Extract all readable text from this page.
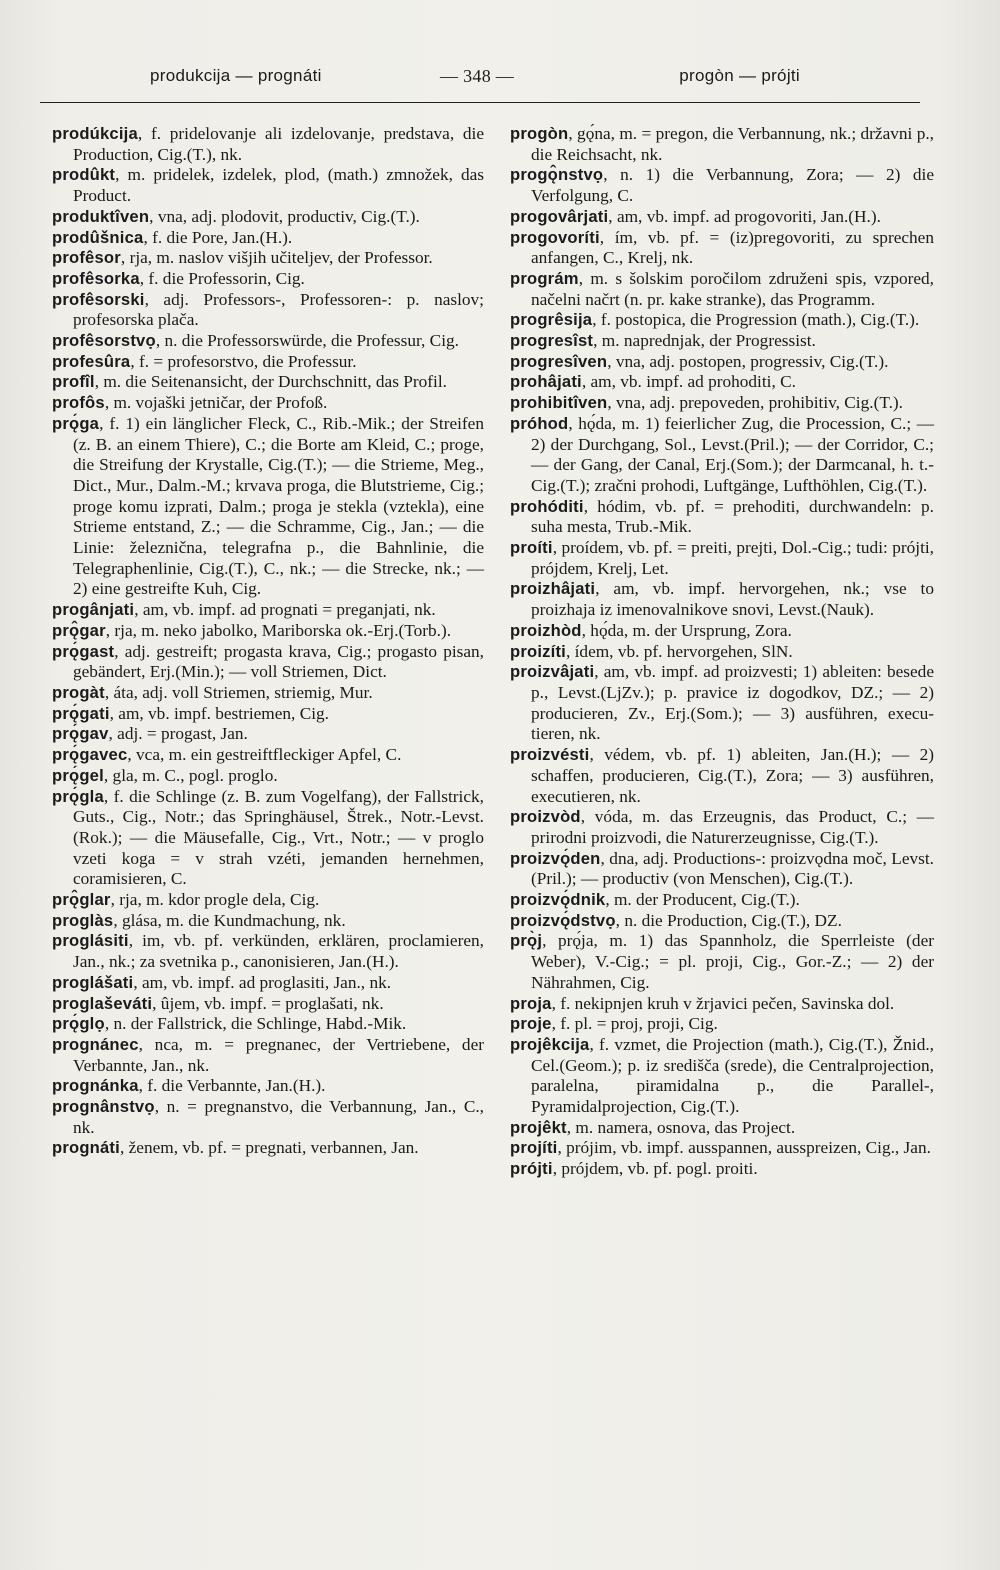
produkcija — prognáti	— 348 —	progòn — prójti

prodúkcija, f. pridelovanje ali izdelovanje, predstava, die Production, Cig.(T.), nk.

prodûkt, m. pridelek, izdelek, plod, (math.) zmnožek, das Product.

produktîven, vna, adj. plodovit, productiv, Cig.(T.).

prodûšnica, f. die Pore, Jan.(H.).

profêsor, rja, m. naslov višjih učiteljev, der Professor.

profêsorka, f. die Professorin, Cig.

profêsorski, adj. Professors-, Professoren-: p. naslov; profesorska plača.

profêsorstvọ, n. die Professorswürde, die Professur, Cig.

profesûra, f. = profesorstvo, die Professur.

profîl, m. die Seitenansicht, der Durchschnitt, das Profil.

profôs, m. vojaški jetničar, der Profoß.

prǫ́ga, f. 1) ein länglicher Fleck, C., Rib.-Mik.; der Streifen (z. B. an einem Thiere), C.; die Borte am Kleid, C.; proge, die Streifung der Krystalle, Cig.(T.); — die Strieme, Meg., Dict., Mur., Dalm.-M.; krvava proga, die Blutstrieme, Cig.; proge komu izprati, Dalm.; proga je stekla (vztekla), eine Strieme entstand, Z.; — die Schramme, Cig., Jan.; — die Linie: železnična, telegrafna p., die Bahnlinie, die Telegraphenlinie, Cig.(T.), C., nk.; — die Strecke, nk.; — 2) eine gestreifte Kuh, Cig.

progânjati, am, vb. impf. ad prognati = preganjati, nk.

prǫ̂gar, rja, m. neko jabolko, Mariborska ok.-Erj.(Torb.).

prǫ́gast, adj. gestreift; progasta krava, Cig.; progasto pisan, gebändert, Erj.(Min.); — voll Striemen, Dict.

progàt, áta, adj. voll Striemen, striemig, Mur.

prǫ́gati, am, vb. impf. bestriemen, Cig.

prǫ́gav, adj. = progast, Jan.

prǫ́gavec, vca, m. ein gestreiftfleckiger Apfel, C.

prǫ́gel, gla, m. C., pogl. proglo.

prǫ́gla, f. die Schlinge (z. B. zum Vogelfang), der Fallstrick, Guts., Cig., Notr.; das Springhäusel, Štrek., Notr.-Levst.(Rok.); — die Mäusefalle, Cig., Vrt., Notr.; — v proglo vzeti koga = v strah vzéti, jemanden hernehmen, coramisieren, C.

prǫ̂glar, rja, m. kdor progle dela, Cig.

proglàs, glása, m. die Kundmachung, nk.

proglásiti, im, vb. pf. verkünden, erklären, proclamieren, Jan., nk.; za svetnika p., canonisieren, Jan.(H.).

proglášati, am, vb. impf. ad proglasiti, Jan., nk.

proglaševáti, ûjem, vb. impf. = proglašati, nk.

prǫ́glọ, n. der Fallstrick, die Schlinge, Habd.-Mik.

prognánec, nca, m. = pregnanec, der Vertriebene, der Verbannte, Jan., nk.

prognánka, f. die Verbannte, Jan.(H.).

prognânstvọ, n. = pregnanstvo, die Verbannung, Jan., C., nk.

prognáti, ženem, vb. pf. = pregnati, verbannen, Jan.

progòn, gǫ́na, m. = pregon, die Verbannung, nk.; državni p., die Reichsacht, nk.

progǫ̂nstvọ, n. 1) die Verbannung, Zora; — 2) die Verfolgung, C.

progovârjati, am, vb. impf. ad progovoriti, Jan.(H.).

progovoríti, ím, vb. pf. = (iz)pregovoriti, zu sprechen anfangen, C., Krelj, nk.

prográm, m. s šolskim poročilom združeni spis, vzpored, načelni načrt (n. pr. kake stranke), das Programm.

progrêsija, f. postopica, die Progression (math.), Cig.(T.).

progresîst, m. naprednjak, der Progressist.

progresîven, vna, adj. postopen, progressiv, Cig.(T.).

prohâjati, am, vb. impf. ad prohoditi, C.

prohibitîven, vna, adj. prepoveden, prohibitiv, Cig.(T.).

próhod, hǫ́da, m. 1) feierlicher Zug, die Procession, C.; — 2) der Durchgang, Sol., Levst.(Pril.); — der Corridor, C.; — der Gang, der Canal, Erj.(Som.); der Darmcanal, h. t.-Cig.(T.); zračni prohodi, Luftgänge, Lufthöhlen, Cig.(T.).

prohóditi, hódim, vb. pf. = prehoditi, durchwandeln: p. suha mesta, Trub.-Mik.

proíti, proídem, vb. pf. = preiti, prejti, Dol.-Cig.; tudi: prójti, prójdem, Krelj, Let.

proizhâjati, am, vb. impf. hervorgehen, nk.; vse to proizhaja iz imenovalnikove snovi, Levst.(Nauk).

proizhòd, hǫ́da, m. der Ursprung, Zora.

proizíti, ídem, vb. pf. hervorgehen, SlN.

proizvâjati, am, vb. impf. ad proizvesti; 1) ableiten: besede p., Levst.(LjZv.); p. pravice iz dogodkov, DZ.; — 2) producieren, Zv., Erj.(Som.); — 3) ausführen, executieren, nk.

proizvésti, védem, vb. pf. 1) ableiten, Jan.(H.); — 2) schaffen, producieren, Cig.(T.), Zora; — 3) ausführen, executieren, nk.

proizvòd, vóda, m. das Erzeugnis, das Product, C.; — prirodni proizvodi, die Naturerzeugnisse, Cig.(T.).

proizvǫ́den, dna, adj. Productions-: proizvǫdna moč, Levst.(Pril.); — productiv (von Menschen), Cig.(T.).

proizvǫ́dnik, m. der Producent, Cig.(T.).

proizvǫ́dstvọ, n. die Production, Cig.(T.), DZ.

prǫ̀j, prǫ́ja, m. 1) das Spannholz, die Sperrleiste (der Weber), V.-Cig.; = pl. proji, Cig., Gor.-Z.; — 2) der Nährahmen, Cig.

proja, f. nekipnjen kruh v žrjavici pečen, Savinska dol.

proje, f. pl. = proj, proji, Cig.

projêkcija, f. vzmet, die Projection (math.), Cig.(T.), Žnid., Cel.(Geom.); p. iz središča (srede), die Centralprojection, paralelna, piramidalna p., die Parallel-, Pyramidalprojection, Cig.(T.).

projêkt, m. namera, osnova, das Project.

projíti, prójim, vb. impf. ausspannen, ausspreizen, Cig., Jan.

prójti, prójdem, vb. pf. pogl. proiti.
